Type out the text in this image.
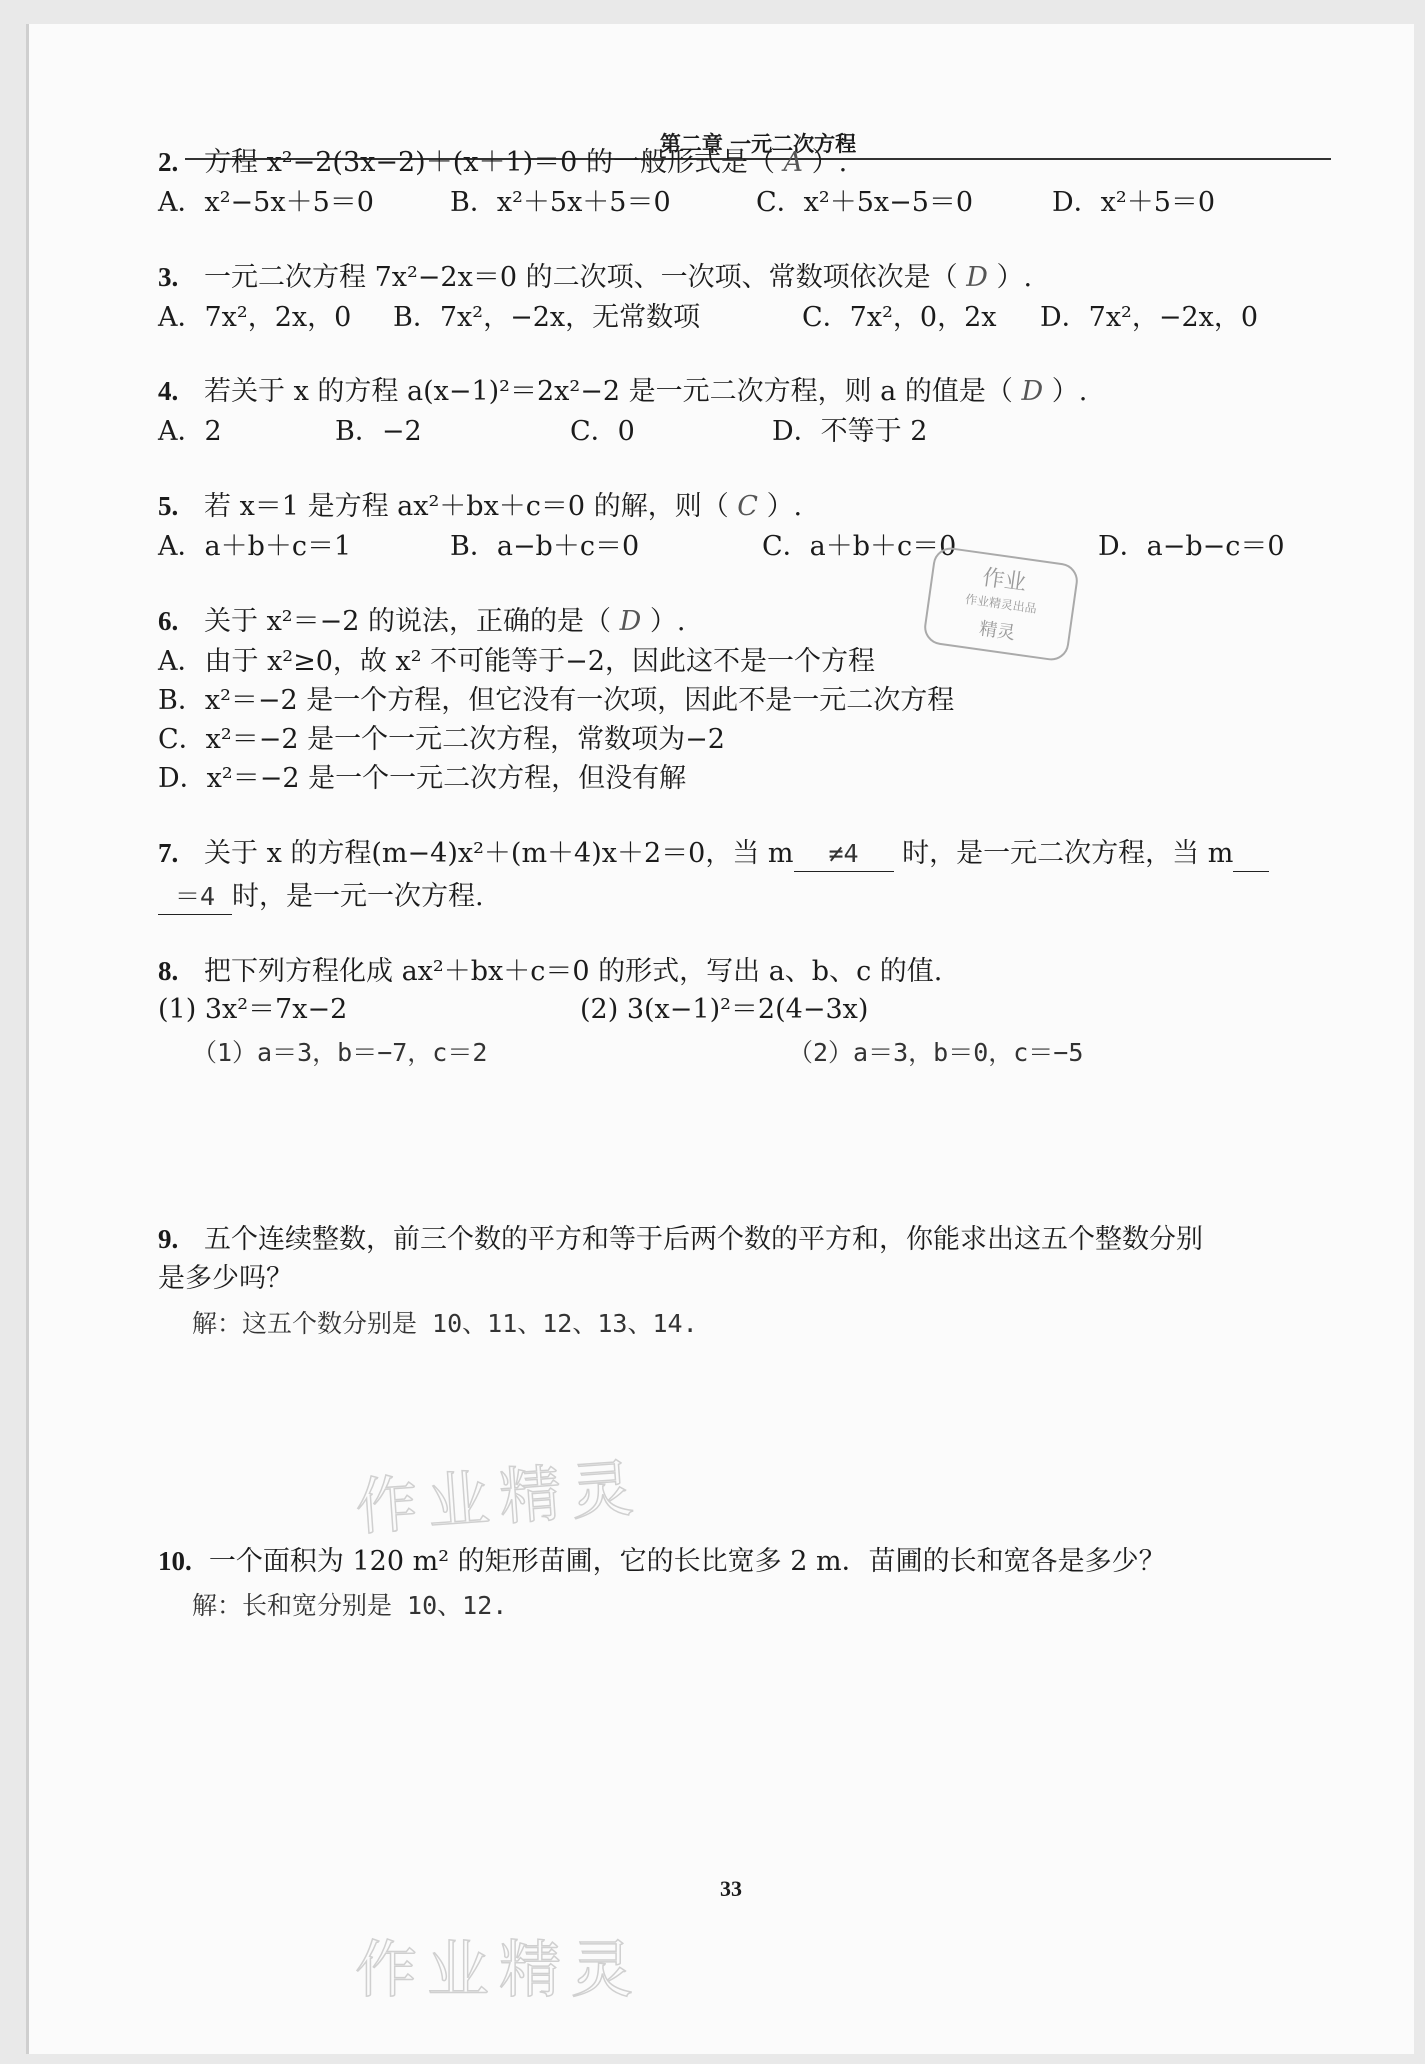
第二章 一元二次方程
2. 方程 x²−2(3x−2)＋(x＋1)＝0 的一般形式是（ A ）.
A．x²−5x＋5＝0	B．x²＋5x＋5＝0	C．x²＋5x−5＝0	D．x²＋5＝0
3. 一元二次方程 7x²−2x＝0 的二次项、一次项、常数项依次是（ D ）.
A．7x²，2x，0 B．7x²，−2x，无常数项	C．7x²，0，2x D．7x²，−2x，0
4. 若关于 x 的方程 a(x−1)²＝2x²−2 是一元二次方程，则 a 的值是（ D ）.
A．2	B．−2	C．0	D．不等于 2
5. 若 x＝1 是方程 ax²＋bx＋c＝0 的解，则（ C ）.
A．a＋b＋c＝1	B．a−b＋c＝0	C．a＋b＋c＝0	D．a−b−c＝0
作业
作业精灵出品
精灵
6. 关于 x²＝−2 的说法，正确的是（ D ）.
A．由于 x²≥0，故 x² 不可能等于−2，因此这不是一个方程
B．x²＝−2 是一个方程，但它没有一次项，因此不是一元二次方程
C．x²＝−2 是一个一元二次方程，常数项为−2
D．x²＝−2 是一个一元二次方程，但没有解
7. 关于 x 的方程(m−4)x²＋(m＋4)x＋2＝0，当 m ≠4 时，是一元二次方程，当 m
＝4 时，是一元一次方程.
8. 把下列方程化成 ax²＋bx＋c＝0 的形式，写出 a、b、c 的值.
(1) 3x²＝7x−2	(2) 3(x−1)²＝2(4−3x)
（1）a＝3，b＝−7，c＝2	（2）a＝3，b＝0，c＝−5
9. 五个连续整数，前三个数的平方和等于后两个数的平方和，你能求出这五个整数分别
是多少吗？
解：这五个数分别是 10、11、12、13、14.
作业精灵
10. 一个面积为 120 m² 的矩形苗圃，它的长比宽多 2 m．苗圃的长和宽各是多少？
解：长和宽分别是 10、12.
33
作业精灵
